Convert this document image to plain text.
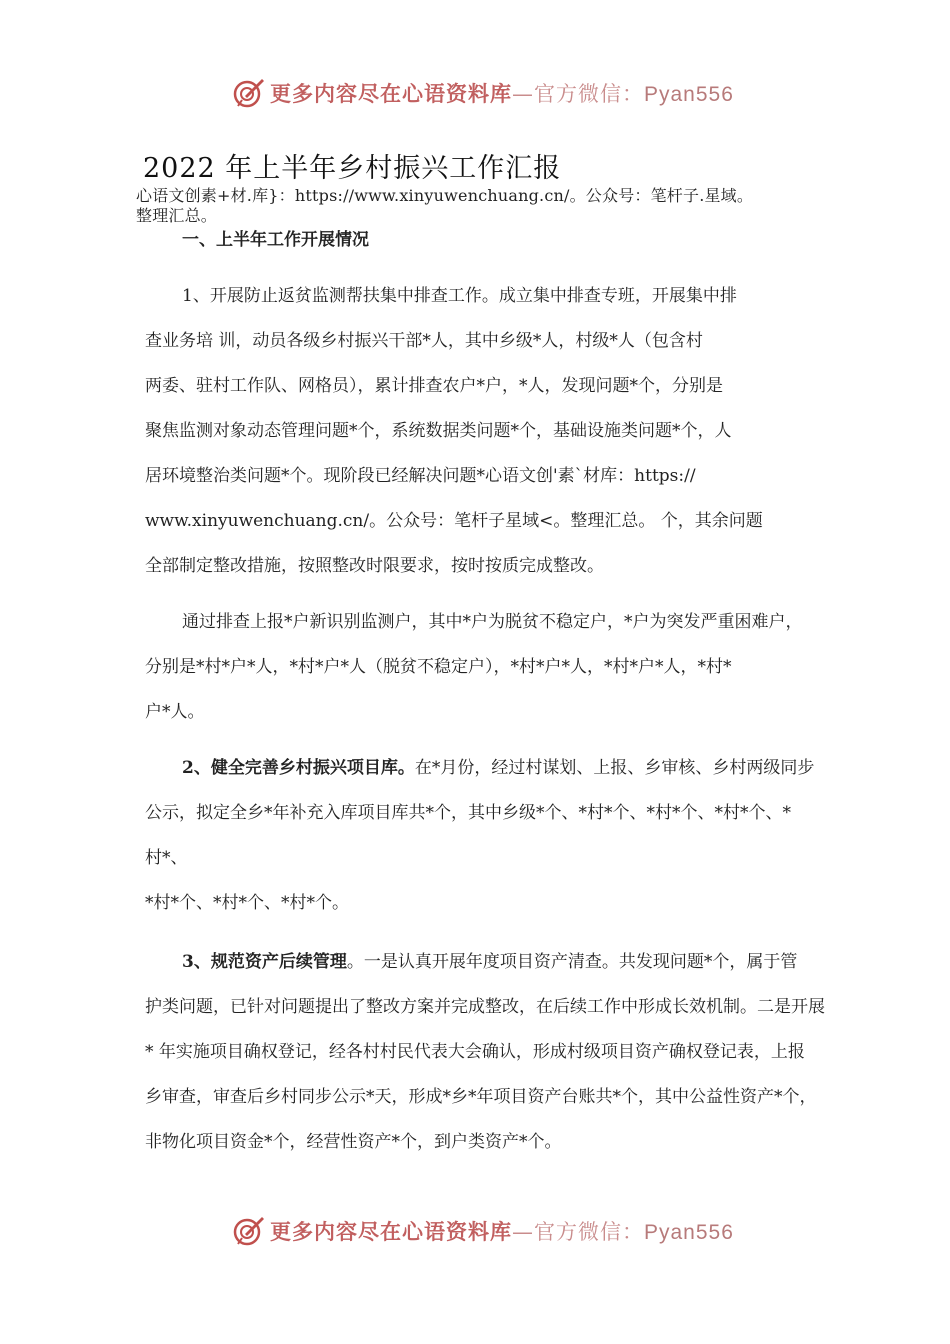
更多内容尽在心语资料库—官方微信：Pyan556
2022 年上半年乡村振兴工作汇报
心语文创素+材.库}：https://www.xinyuwenchuang.cn/。公众号：笔杆子.星域。
整理汇总。
一、上半年工作开展情况
1、开展防止返贫监测帮扶集中排查工作。成立集中排查专班，开展集中排
查业务培 训，动员各级乡村振兴干部*人，其中乡级*人，村级*人（包含村
两委、驻村工作队、网格员），累计排查农户*户，*人，发现问题*个，分别是
聚焦监测对象动态管理问题*个，系统数据类问题*个，基础设施类问题*个，人
居环境整治类问题*个。现阶段已经解决问题*心语文创'素`材库：https://
www.xinyuwenchuang.cn/。公众号：笔杆子星域<。整理汇总。 个，其余问题
全部制定整改措施，按照整改时限要求，按时按质完成整改。
通过排查上报*户新识别监测户，其中*户为脱贫不稳定户，*户为突发严重困难户，
分别是*村*户*人，*村*户*人（脱贫不稳定户），*村*户*人，*村*户*人，*村*
户*人。
2、健全完善乡村振兴项目库。在*月份，经过村谋划、上报、乡审核、乡村两级同步
公示，拟定全乡*年补充入库项目库共*个，其中乡级*个、*村*个、*村*个、*村*个、*
村*、
*村*个、*村*个、*村*个。
3、规范资产后续管理。一是认真开展年度项目资产清查。共发现问题*个，属于管
护类问题，已针对问题提出了整改方案并完成整改，在后续工作中形成长效机制。二是开展
* 年实施项目确权登记，经各村村民代表大会确认，形成村级项目资产确权登记表，上报
乡审查，审查后乡村同步公示*天，形成*乡*年项目资产台账共*个，其中公益性资产*个，
非物化项目资金*个，经营性资产*个，到户类资产*个。
更多内容尽在心语资料库—官方微信：Pyan556
